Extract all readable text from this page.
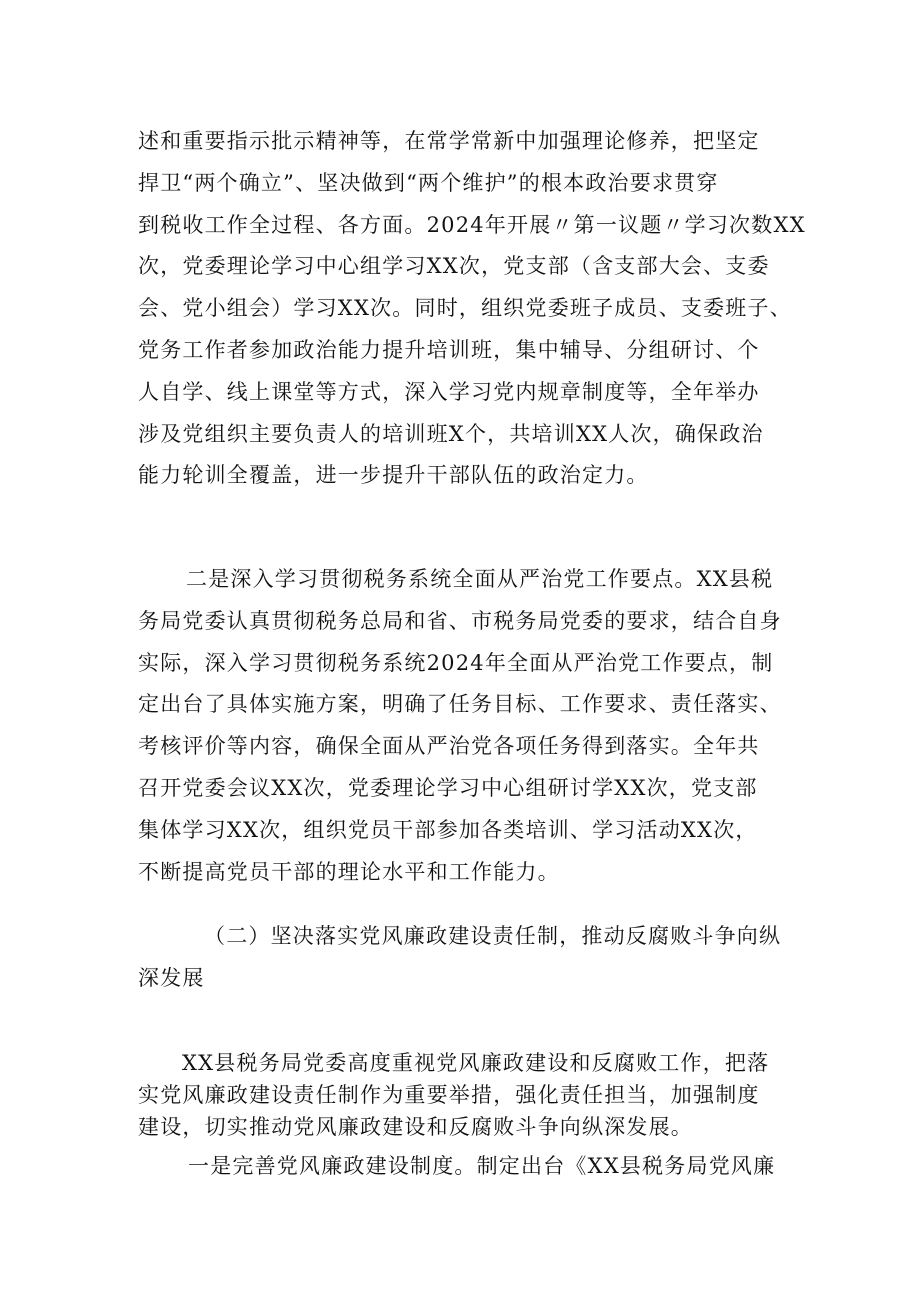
述和重要指示批示精神等，在常学常新中加强理论修养，把坚定
捍卫“两个确立”、坚决做到“两个维护”的根本政治要求贯穿
到税收工作全过程、各方面。2024年开展〃第一议题〃学习次数XX
次，党委理论学习中心组学习XX次，党支部（含支部大会、支委
会、党小组会）学习XX次。同时，组织党委班子成员、支委班子、
党务工作者参加政治能力提升培训班，集中辅导、分组研讨、个
人自学、线上课堂等方式，深入学习党内规章制度等，全年举办
涉及党组织主要负责人的培训班X个，共培训XX人次，确保政治
能力轮训全覆盖，进一步提升干部队伍的政治定力。
二是深入学习贯彻税务系统全面从严治党工作要点。XX县税
务局党委认真贯彻税务总局和省、市税务局党委的要求，结合自身
实际，深入学习贯彻税务系统2024年全面从严治党工作要点，制
定出台了具体实施方案，明确了任务目标、工作要求、责任落实、
考核评价等内容，确保全面从严治党各项任务得到落实。全年共
召开党委会议XX次，党委理论学习中心组研讨学XX次，党支部
集体学习XX次，组织党员干部参加各类培训、学习活动XX次，
不断提高党员干部的理论水平和工作能力。
（二）坚决落实党风廉政建设责任制，推动反腐败斗争向纵
深发展
XX县税务局党委高度重视党风廉政建设和反腐败工作，把落
实党风廉政建设责任制作为重要举措，强化责任担当，加强制度
建设，切实推动党风廉政建设和反腐败斗争向纵深发展。
一是完善党风廉政建设制度。制定出台《XX县税务局党风廉
